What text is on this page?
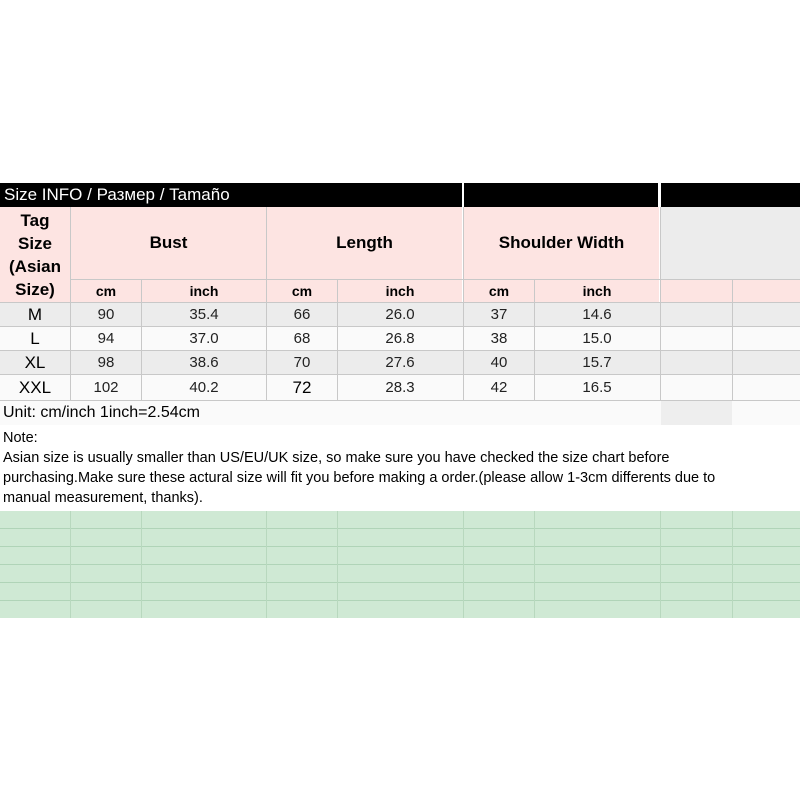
Size INFO / Размер / Tamaño
Tag Size (Asian Size)
Bust	Length	Shoulder Width
cm	inch	cm	inch	cm	inch
M	90	35.4	66	26.0	37	14.6
L	94	37.0	68	26.8	38	15.0
XL	98	38.6	70	27.6	40	15.7
XXL	102	40.2	72	28.3	42	16.5
Unit: cm/inch 1inch=2.54cm
Note:
Asian size is usually smaller than US/EU/UK size, so make sure you have checked the size chart before
purchasing.Make sure these actural size will fit you before making a order.(please allow 1-3cm differents due to
manual measurement, thanks).
